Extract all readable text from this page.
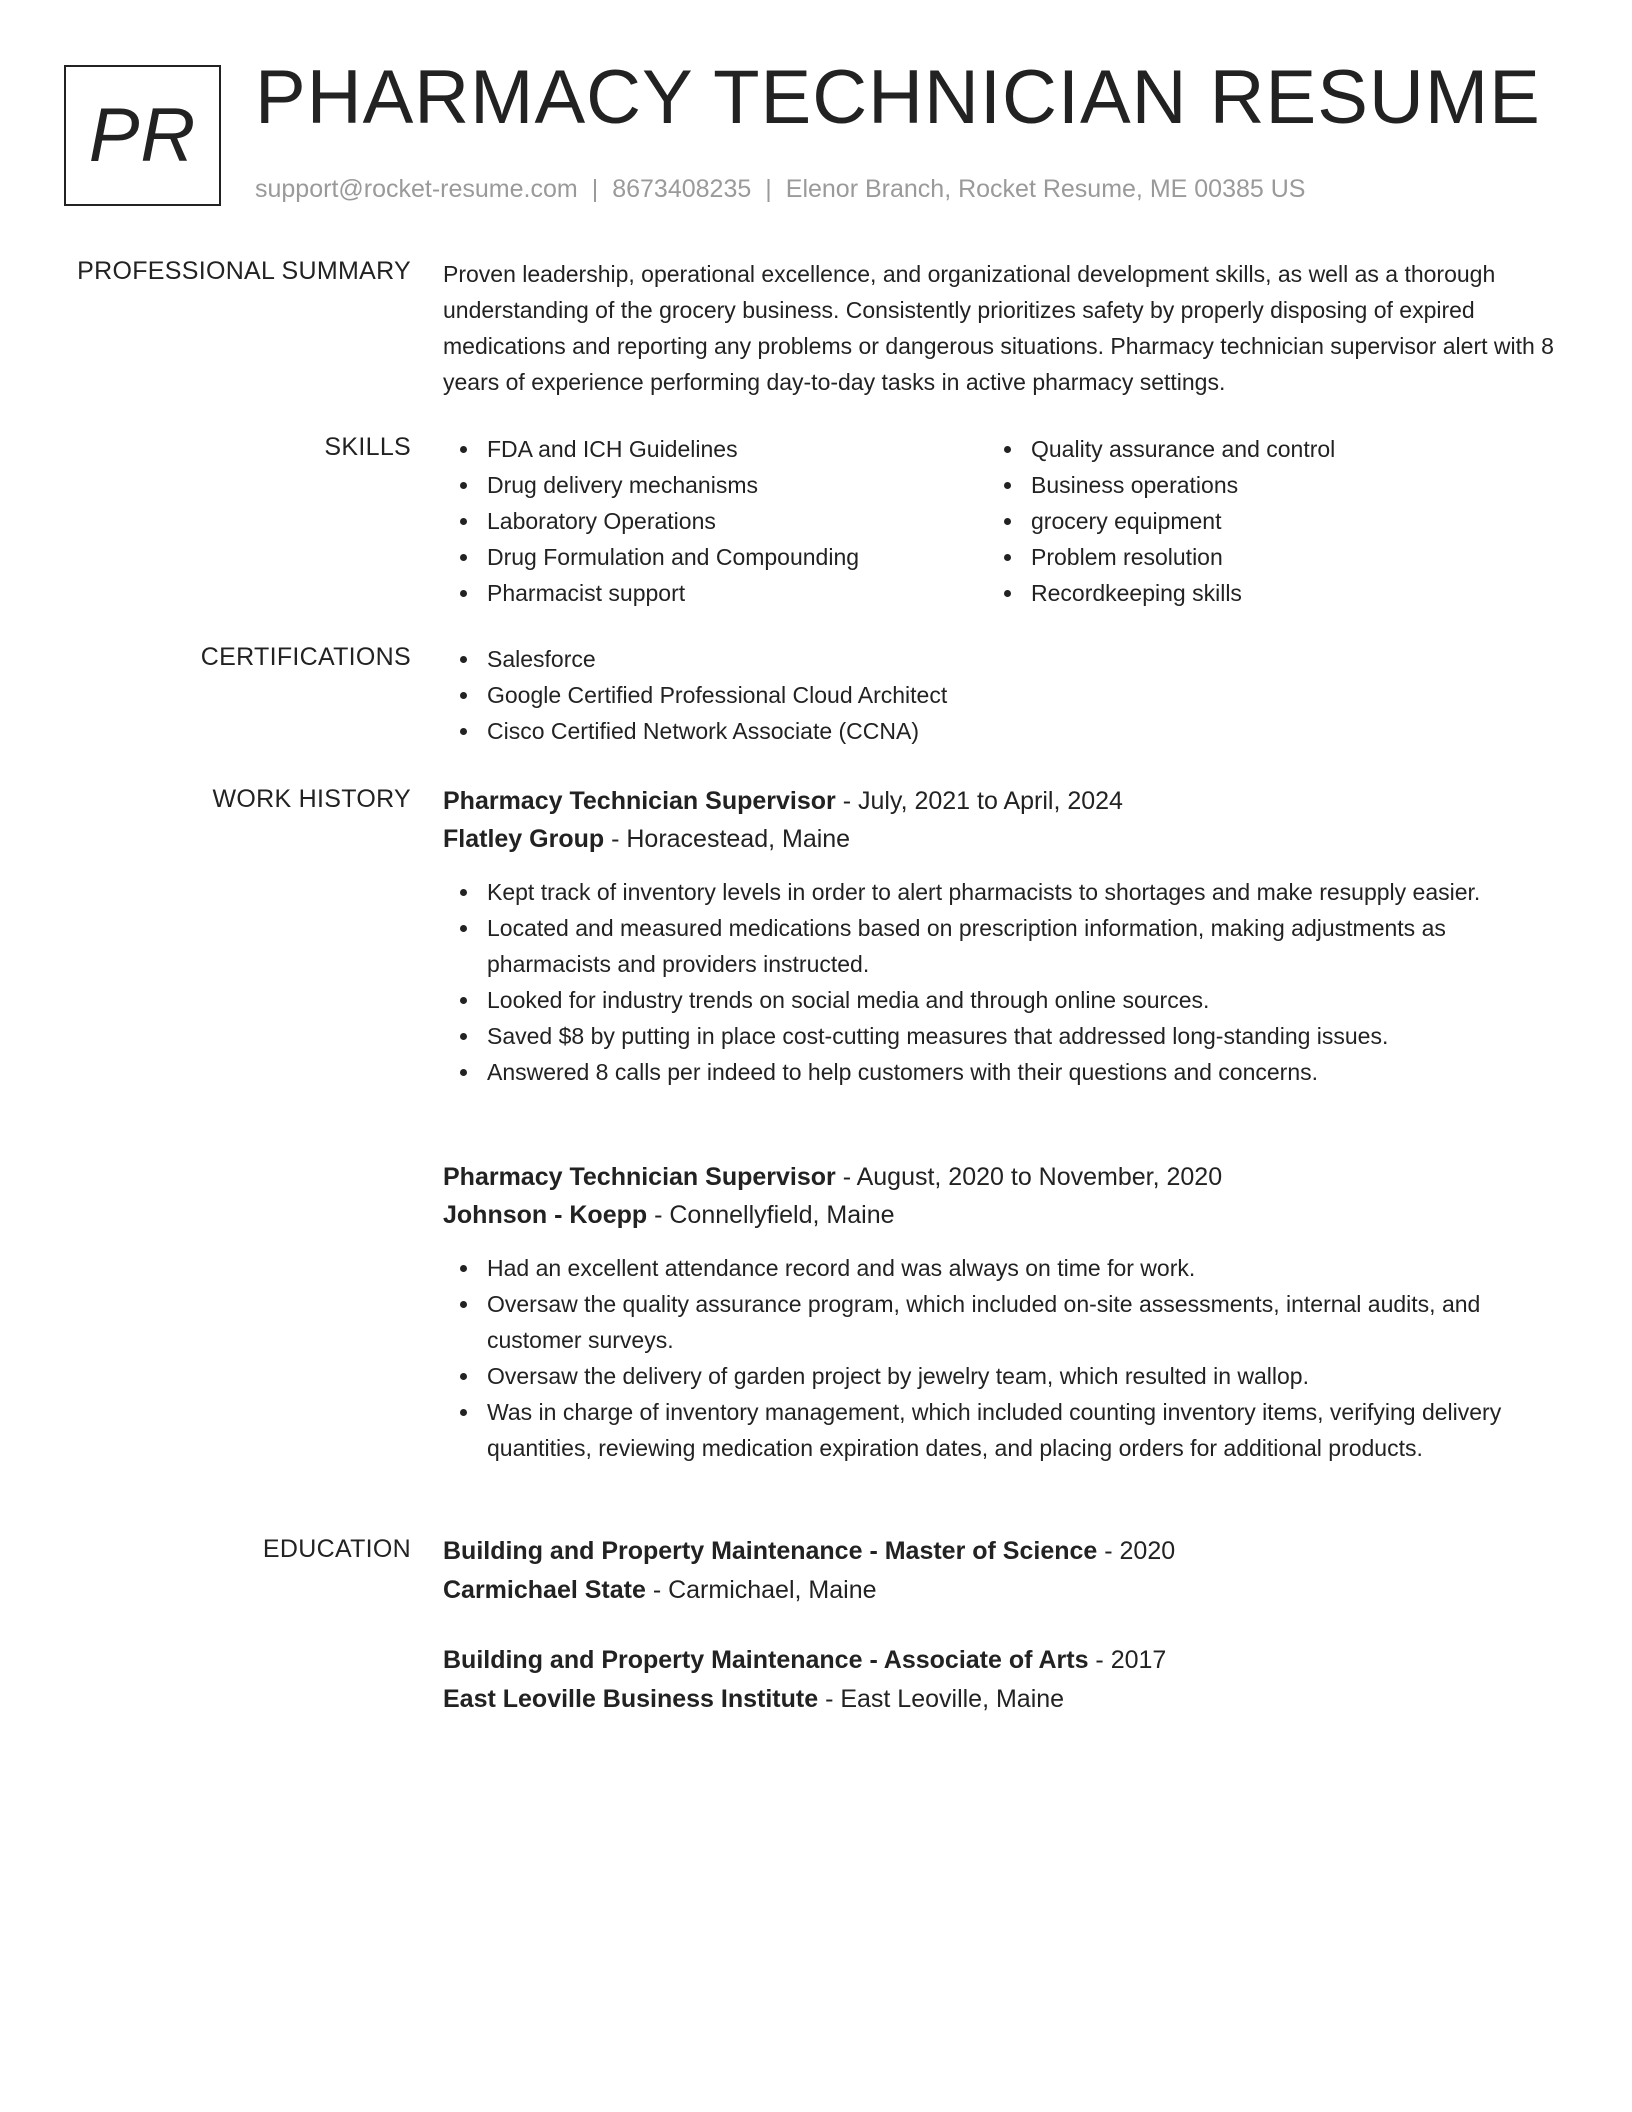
PR PHARMACY TECHNICIAN RESUME
support@rocket-resume.com | 8673408235 | Elenor Branch, Rocket Resume, ME 00385 US
PROFESSIONAL SUMMARY Proven leadership, operational excellence, and organizational development skills, as well as a thorough understanding of the grocery business. Consistently prioritizes safety by properly disposing of expired medications and reporting any problems or dangerous situations. Pharmacy technician supervisor alert with 8 years of experience performing day-to-day tasks in active pharmacy settings.

SKILLS	FDA and ICH Guidelines
Drug delivery mechanisms
Laboratory Operations
Drug Formulation and Compounding
Pharmacist support
Quality assurance and control
Business operations
grocery equipment
Problem resolution
Recordkeeping skills
CERTIFICATIONS	Salesforce
Google Certified Professional Cloud Architect
Cisco Certified Network Associate (CCNA)
WORK HISTORY Pharmacy Technician Supervisor - July, 2021 to April, 2024
Flatley Group - Horacestead, Maine
Kept track of inventory levels in order to alert pharmacists to shortages and make resupply easier.
Located and measured medications based on prescription information, making adjustments as pharmacists and providers instructed.
Looked for industry trends on social media and through online sources.
Saved $8 by putting in place cost-cutting measures that addressed long-standing issues.
Answered 8 calls per indeed to help customers with their questions and concerns.
Pharmacy Technician Supervisor - August, 2020 to November, 2020
Johnson - Koepp - Connellyfield, Maine
Had an excellent attendance record and was always on time for work.
Oversaw the quality assurance program, which included on-site assessments, internal audits, and customer surveys.
Oversaw the delivery of garden project by jewelry team, which resulted in wallop.
Was in charge of inventory management, which included counting inventory items, verifying delivery quantities, reviewing medication expiration dates, and placing orders for additional products.
EDUCATION Building and Property Maintenance - Master of Science - 2020
Carmichael State - Carmichael, Maine
Building and Property Maintenance - Associate of Arts - 2017
East Leoville Business Institute - East Leoville, Maine
